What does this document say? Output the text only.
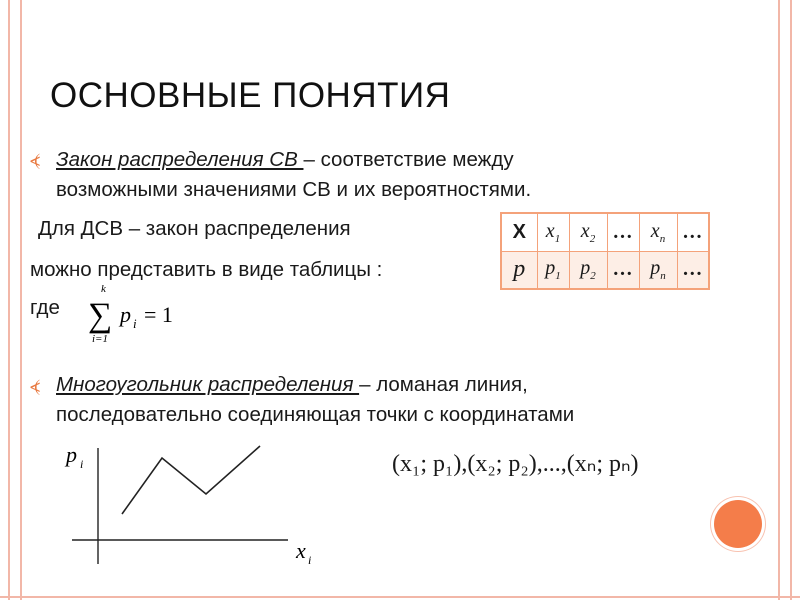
ОСНОВНЫЕ ПОНЯТИЯ
⦓ Закон распределения СВ – соответствие между
возможными значениями СВ и их вероятностями.
Для ДСВ – закон распределения
можно представить в виде таблицы :
где
k
∑
i=1
p i = 1
X	$x_1$	$x_2$	…	$x_n$	…
p	$p_1$	$p_2$	…	$p_n$	…
⦓ Многоугольник распределения – ломаная линия,
последовательно соединяющая точки с координатами
p i
x i
(x₁; p₁),(x₂; p₂),...,(xₙ; pₙ)
